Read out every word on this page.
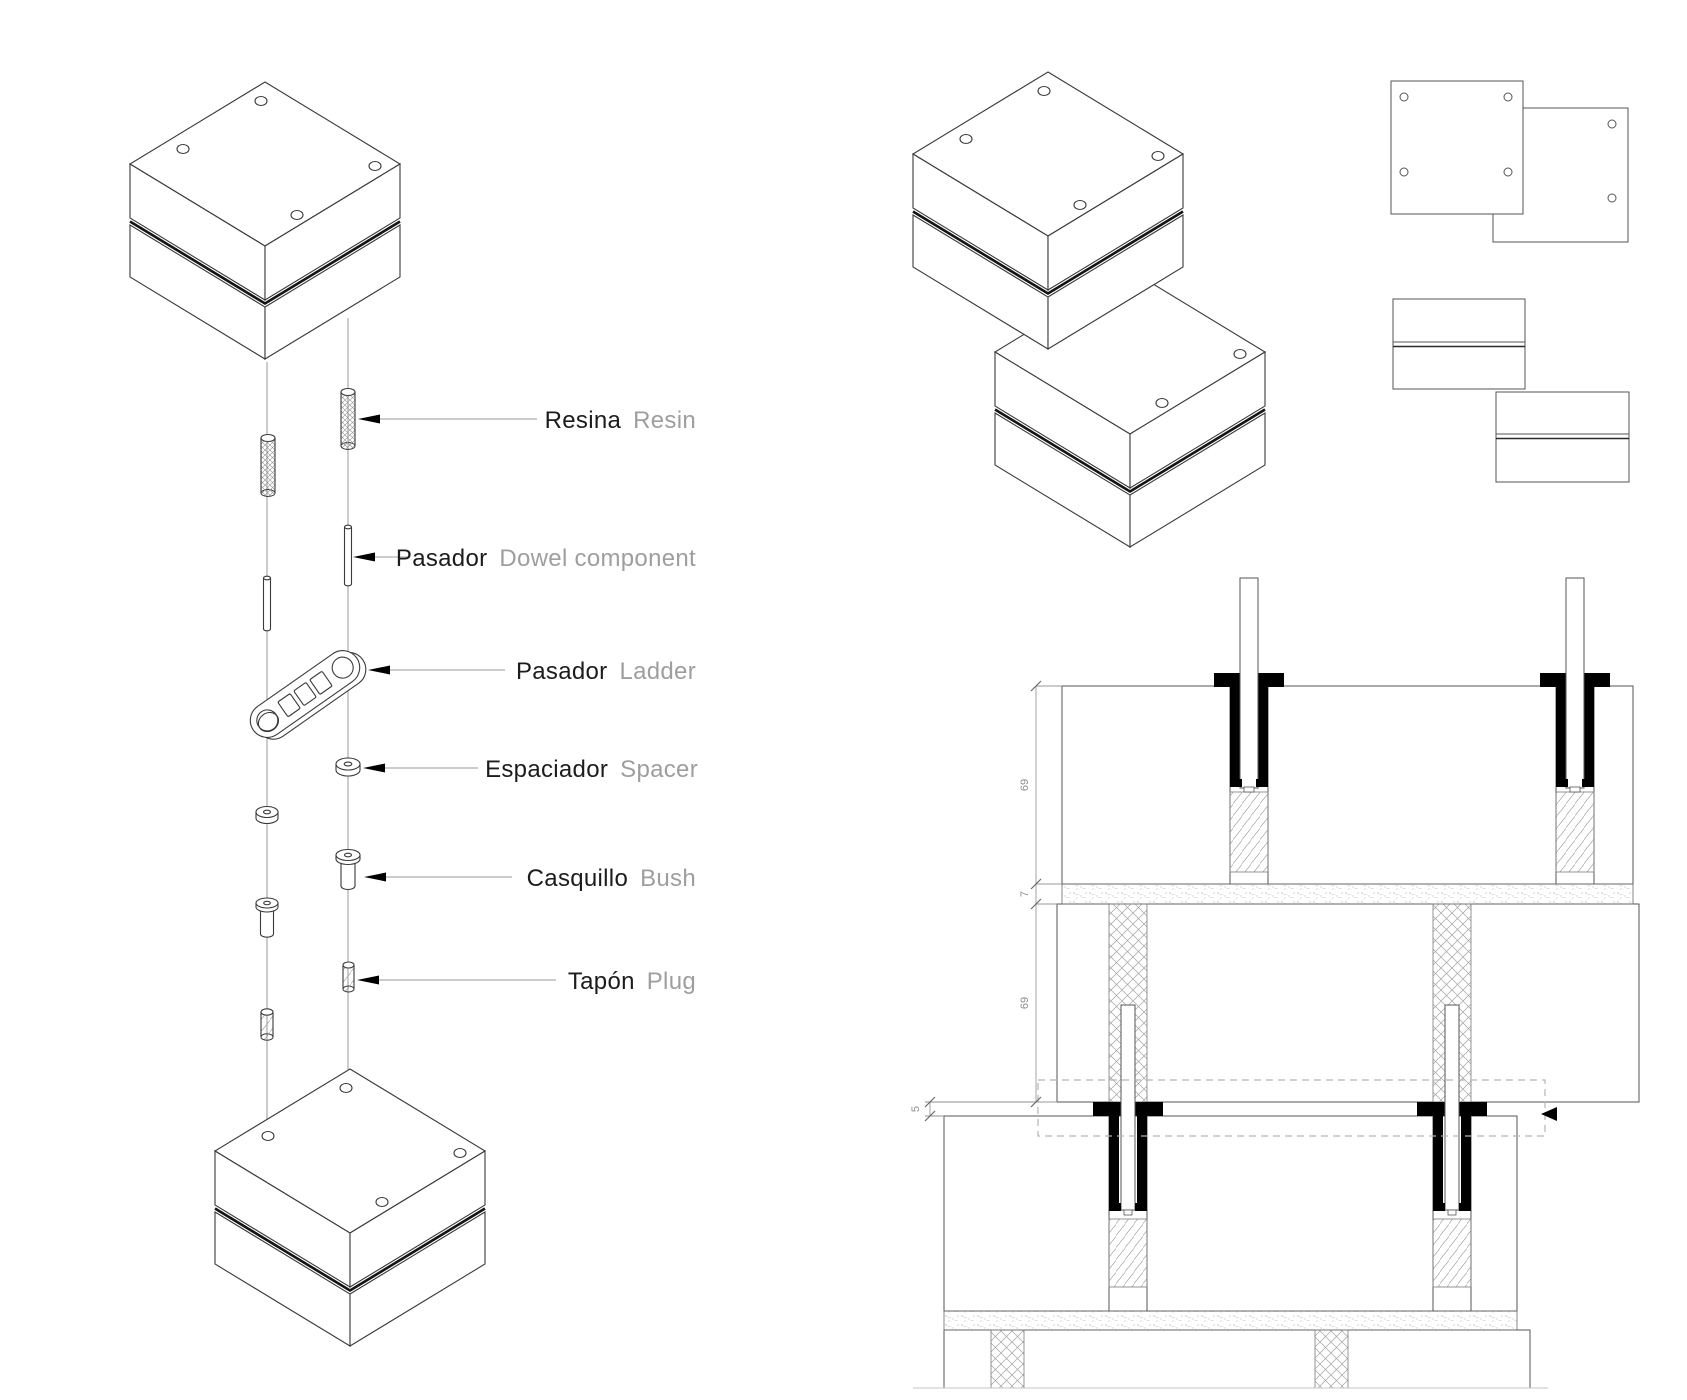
Resina Resin
Pasador Dowel component
Pasador Ladder
Espaciador Spacer
Casquillo Bush
Tapón Plug
69
7
69
5
